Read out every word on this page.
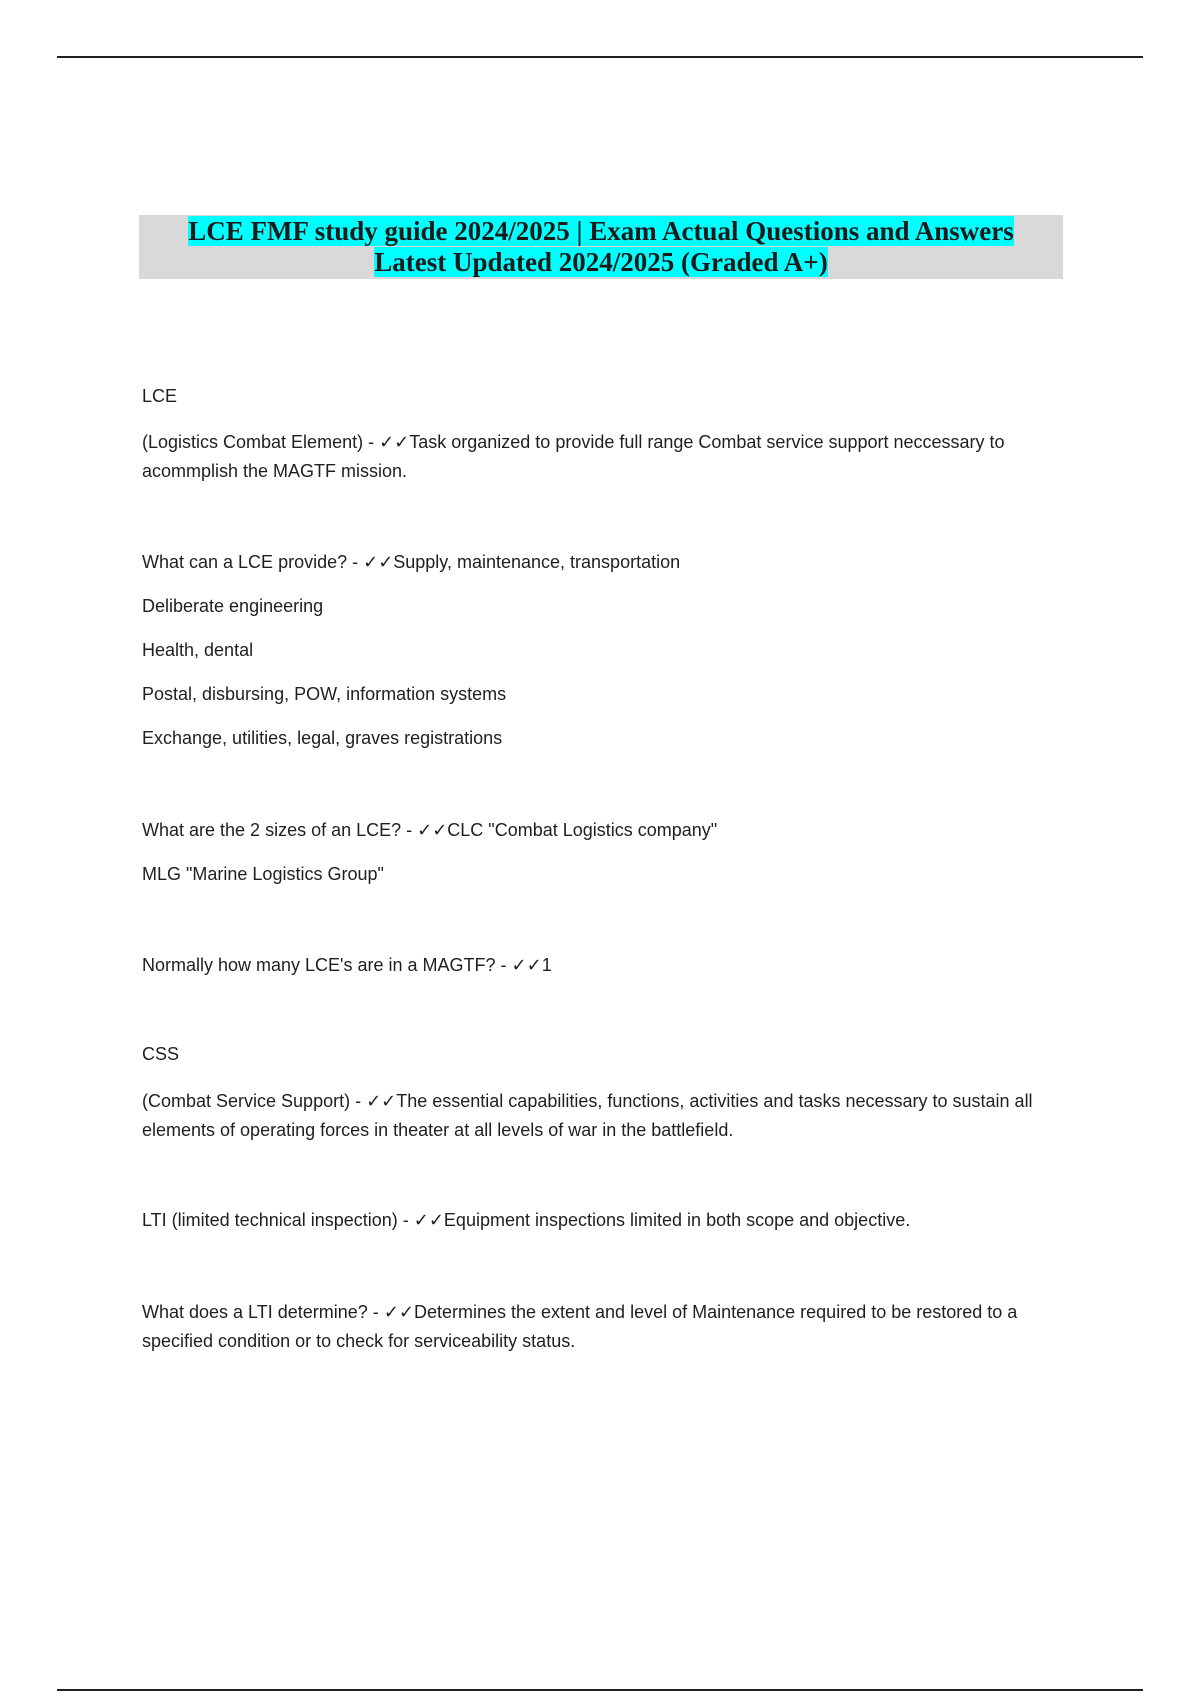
LCE FMF study guide 2024/2025 | Exam Actual Questions and Answers
Latest Updated 2024/2025 (Graded A+)
LCE
(Logistics Combat Element) - ✓✓Task organized to provide full range Combat service support neccessary to acommplish the MAGTF mission.
What can a LCE provide? - ✓✓Supply, maintenance, transportation
Deliberate engineering
Health, dental
Postal, disbursing, POW, information systems
Exchange, utilities, legal, graves registrations
What are the 2 sizes of an LCE? - ✓✓CLC "Combat Logistics company"
MLG "Marine Logistics Group"
Normally how many LCE's are in a MAGTF? - ✓✓1
CSS
(Combat Service Support) - ✓✓The essential capabilities, functions, activities and tasks necessary to sustain all elements of operating forces in theater at all levels of war in the battlefield.
LTI (limited technical inspection) - ✓✓Equipment inspections limited in both scope and objective.
What does a LTI determine? - ✓✓Determines the extent and level of Maintenance required to be restored to a specified condition or to check for serviceability status.
